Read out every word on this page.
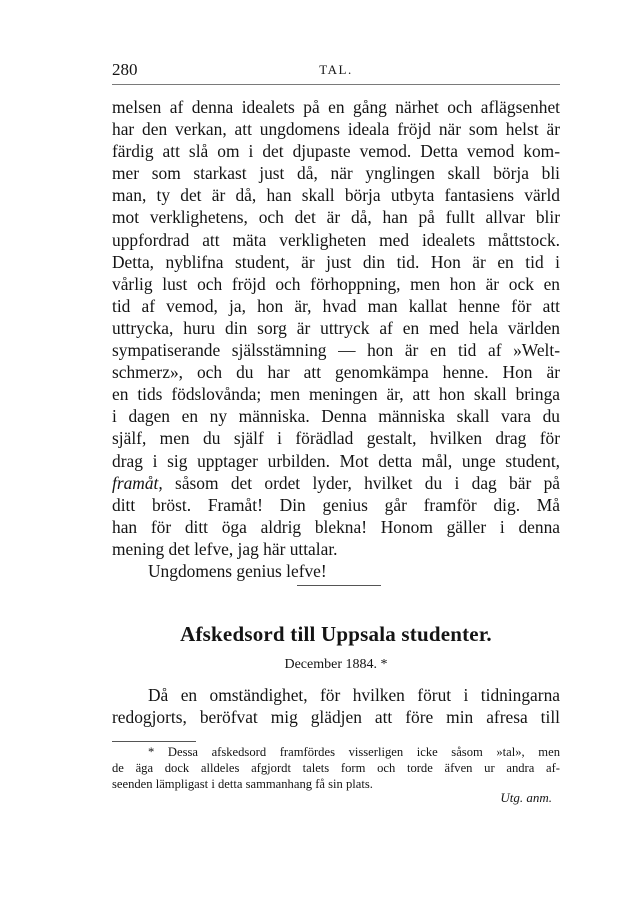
280	TAL.
melsen af denna idealets på en gång närhet och aflägsenhet
har den verkan, att ungdomens ideala fröjd när som helst är
färdig att slå om i det djupaste vemod. Detta vemod kom-
mer som starkast just då, när ynglingen skall börja bli
man, ty det är då, han skall börja utbyta fantasiens värld
mot verklighetens, och det är då, han på fullt allvar blir
uppfordrad att mäta verkligheten med idealets måttstock.
Detta, nyblifna student, är just din tid. Hon är en tid i
vårlig lust och fröjd och förhoppning, men hon är ock en
tid af vemod, ja, hon är, hvad man kallat henne för att
uttrycka, huru din sorg är uttryck af en med hela världen
sympatiserande själsstämning — hon är en tid af »Welt-
schmerz», och du har att genomkämpa henne. Hon är
en tids födslovånda; men meningen är, att hon skall bringa
i dagen en ny människa. Denna människa skall vara du
själf, men du själf i förädlad gestalt, hvilken drag för
drag i sig upptager urbilden. Mot detta mål, unge student,
framåt, såsom det ordet lyder, hvilket du i dag bär på
ditt bröst. Framåt! Din genius går framför dig. Må
han för ditt öga aldrig blekna! Honom gäller i denna
mening det lefve, jag här uttalar.
Ungdomens genius lefve!
Afskedsord till Uppsala studenter.
December 1884. *
Då en omständighet, för hvilken förut i tidningarna
redogjorts, beröfvat mig glädjen att före min afresa till
* Dessa afskedsord framfördes visserligen icke såsom »tal», men
de äga dock alldeles afgjordt talets form och torde äfven ur andra af-
seenden lämpligast i detta sammanhang få sin plats.
Utg. anm.
